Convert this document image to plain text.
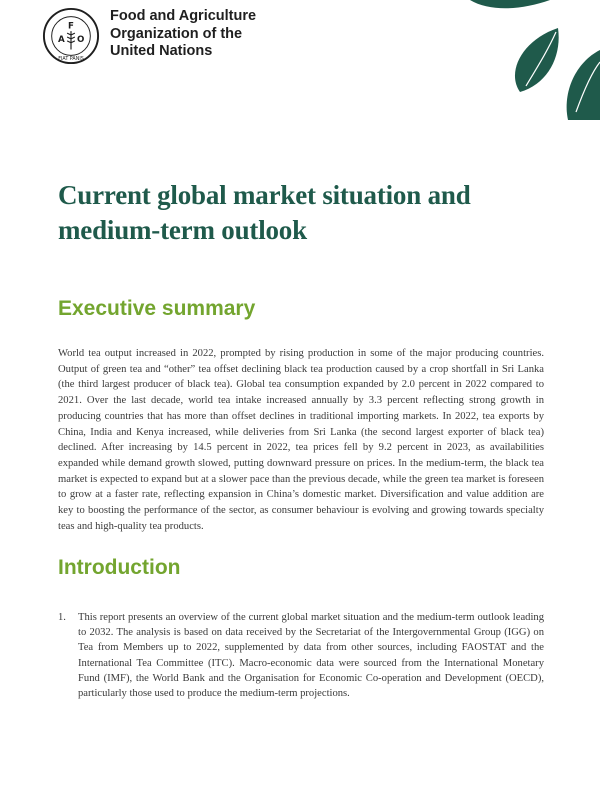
F
A O
FIAT PANIS
Food and Agriculture
Organization of the
United Nations
Current global market situation and
medium-term outlook
Executive summary
World tea output increased in 2022, prompted by rising production in some of the major producing countries. Output of green tea and “other” tea offset declining black tea production caused by a crop shortfall in Sri Lanka (the third largest producer of black tea). Global tea consumption expanded by 2.0 percent in 2022 compared to 2021. Over the last decade, world tea intake increased annually by 3.3 percent reflecting strong growth in producing countries that has more than offset declines in traditional importing markets. In 2022, tea exports by China, India and Kenya increased, while deliveries from Sri Lanka (the second largest exporter of black tea) declined. After increasing by 14.5 percent in 2022, tea prices fell by 9.2 percent in 2023, as availabilities expanded while demand growth slowed, putting downward pressure on prices. In the medium-term, the black tea market is expected to expand but at a slower pace than the previous decade, while the green tea market is foreseen to grow at a faster rate, reflecting expansion in China’s domestic market. Diversification and value addition are key to boosting the performance of the sector, as consumer behaviour is evolving and growing towards specialty teas and high-quality tea products.
Introduction
1.	This report presents an overview of the current global market situation and the medium-term outlook leading to 2032. The analysis is based on data received by the Secretariat of the Intergovernmental Group (IGG) on Tea from Members up to 2022, supplemented by data from other sources, including FAOSTAT and the International Tea Committee (ITC). Macro-economic data were sourced from the International Monetary Fund (IMF), the World Bank and the Organisation for Economic Co-operation and Development (OECD), particularly those used to produce the medium-term projections.
